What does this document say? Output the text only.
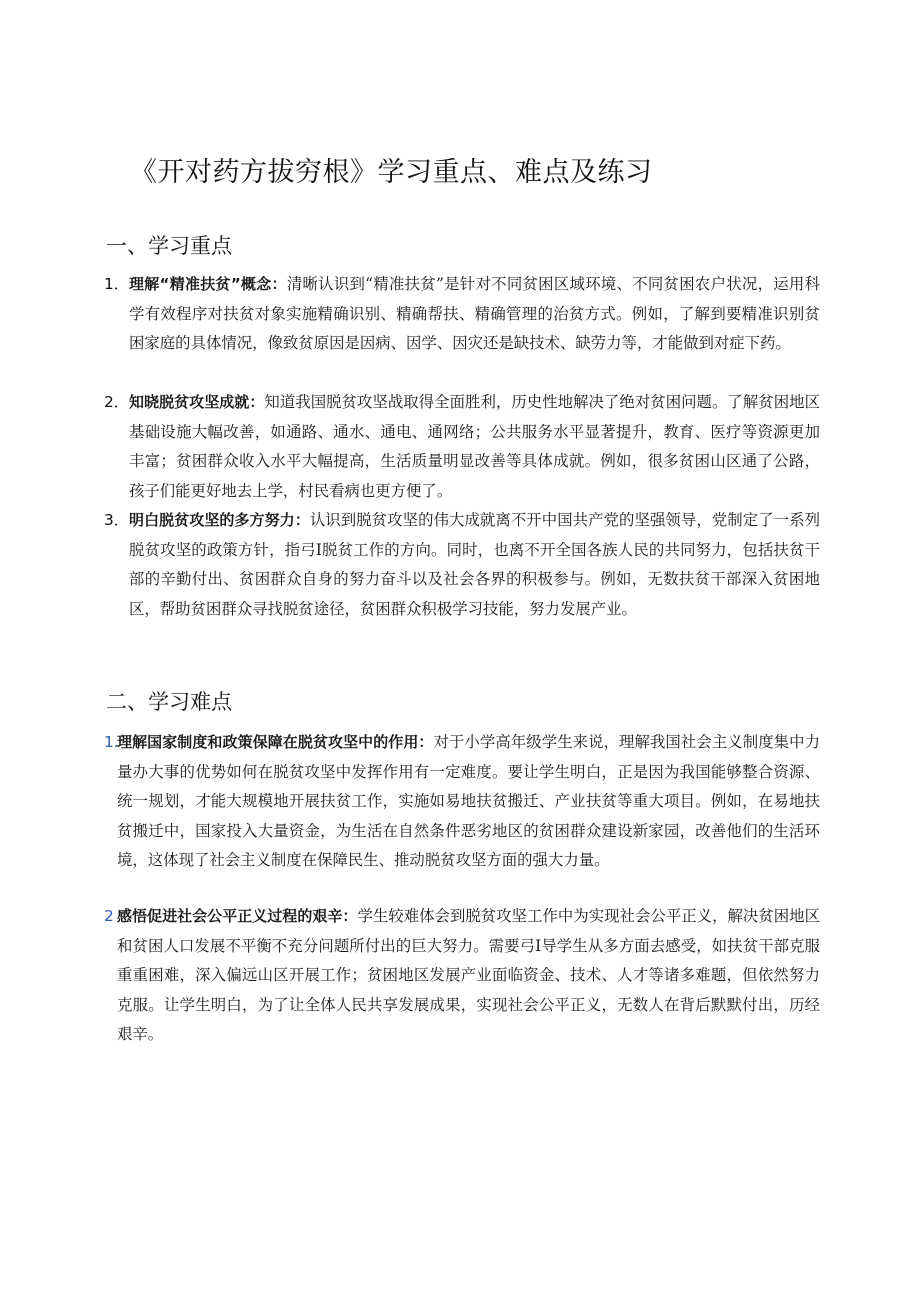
《开对药方拔穷根》学习重点、难点及练习
一、学习重点
1． 理解“精准扶贫”概念：清晰认识到“精准扶贫”是针对不同贫困区域环境、不同贫困农户状况，运用科学有效程序对扶贫对象实施精确识别、精确帮扶、精确管理的治贫方式。例如，了解到要精准识别贫困家庭的具体情况，像致贫原因是因病、因学、因灾还是缺技术、缺劳力等，才能做到对症下药。
2． 知晓脱贫攻坚成就：知道我国脱贫攻坚战取得全面胜利，历史性地解决了绝对贫困问题。了解贫困地区基础设施大幅改善，如通路、通水、通电、通网络；公共服务水平显著提升，教育、医疗等资源更加丰富；贫困群众收入水平大幅提高，生活质量明显改善等具体成就。例如，很多贫困山区通了公路，孩子们能更好地去上学，村民看病也更方便了。
3． 明白脱贫攻坚的多方努力：认识到脱贫攻坚的伟大成就离不开中国共产党的坚强领导，党制定了一系列脱贫攻坚的政策方针，指弓I脱贫工作的方向。同时，也离不开全国各族人民的共同努力，包括扶贫干部的辛勤付出、贫困群众自身的努力奋斗以及社会各界的积极参与。例如，无数扶贫干部深入贫困地区，帮助贫困群众寻找脱贫途径，贫困群众积极学习技能，努力发展产业。
二、学习难点
1.
理解国家制度和政策保障在脱贫攻坚中的作用：对于小学高年级学生来说，理解我国社会主义制度集中力量办大事的优势如何在脱贫攻坚中发挥作用有一定难度。要让学生明白，正是因为我国能够整合资源、统一规划，才能大规模地开展扶贫工作，实施如易地扶贫搬迁、产业扶贫等重大项目。例如，在易地扶贫搬迁中，国家投入大量资金，为生活在自然条件恶劣地区的贫困群众建设新家园，改善他们的生活环境，这体现了社会主义制度在保障民生、推动脱贫攻坚方面的强大力量。
2 感悟促进社会公平正义过程的艰辛：学生较难体会到脱贫攻坚工作中为实现社会公平正义，解决贫困地区和贫困人口发展不平衡不充分问题所付出的巨大努力。需要弓I导学生从多方面去感受，如扶贫干部克服重重困难，深入偏远山区开展工作；贫困地区发展产业面临资金、技术、人才等诸多难题，但依然努力克服。让学生明白，为了让全体人民共享发展成果，实现社会公平正义，无数人在背后默默付出，历经艰辛。
